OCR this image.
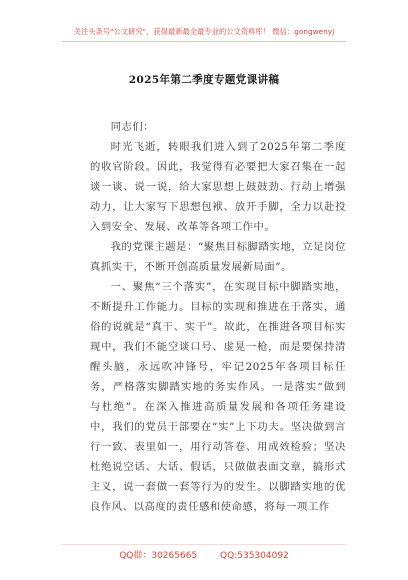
关注头条号"公文研究"，获得最新最全最专业的公文资料库！ 微信：gongwenyj
2025年第二季度专题党课讲稿

同志们：

时光飞逝，转眼我们进入到了2025年第二季度的收官阶段。因此，我觉得有必要把大家召集在一起谈一谈、说一说，给大家思想上鼓鼓劲、行动上增强动力，让大家写下思想包袱、放开手脚，全力以赴投入到安全、发展、改革等各项工作中。

我的党课主题是：“聚焦目标脚踏实地，立足岗位真抓实干，不断开创高质量发展新局面”。

一、聚焦“三个落实”，在实现目标中脚踏实地，不断提升工作能力。目标的实现和推进在于落实，通俗的说就是“真干、实干”。故此，在推进各项目标实现中，我们不能空谈口号、虚晃一枪，而是要保持清醒头脑，永远吹冲锋号，牢记2025年各项目标任务，严格落实脚踏实地的务实作风。一是落实“做到与杜绝”。在深入推进高质量发展和各项任务建设中，我们的党员干部要在“实”上下功夫。坚决做到言行一致、表里如一，用行动答卷、用成效检验；坚决杜绝说空话、大话、假话，只做做表面文章，搞形式主义，说一套做一套等行为的发生。以脚踏实地的优良作风、以高度的责任感和使命感，将每一项工作

QQ群：30265665	QQ:535304092
